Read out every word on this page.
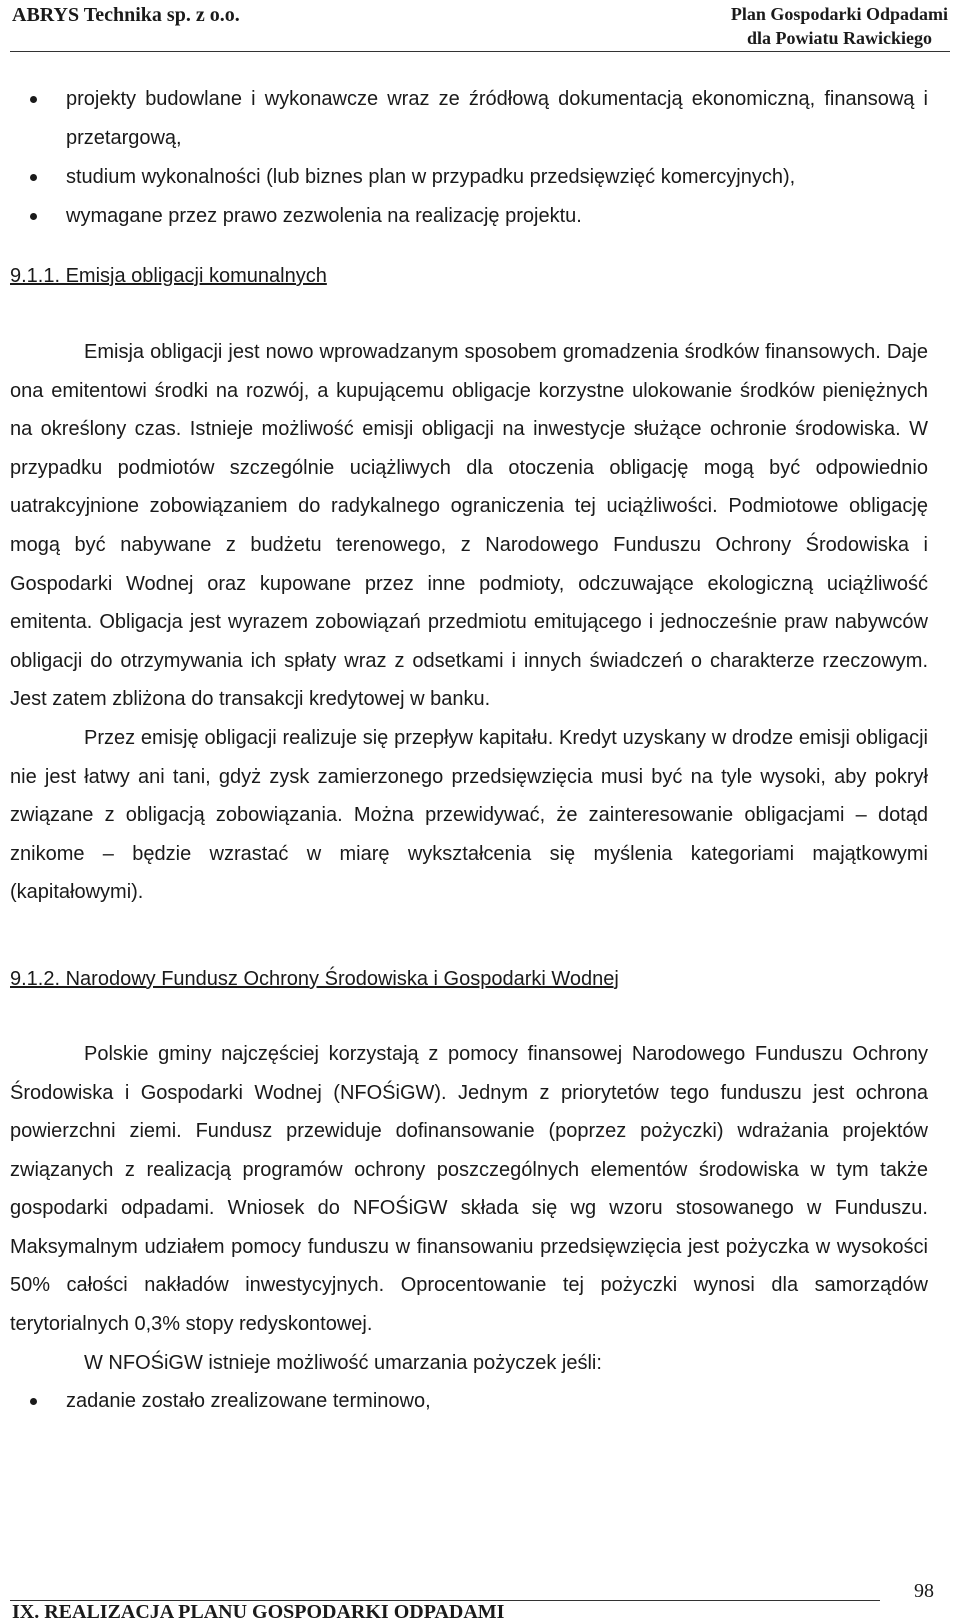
ABRYS Technika sp. z o.o.	Plan Gospodarki Odpadami
dla Powiatu Rawickiego
projekty budowlane i wykonawcze wraz ze źródłową dokumentacją ekonomiczną, finansową i przetargową,
studium wykonalności (lub biznes plan w przypadku przedsięwzięć komercyjnych),
wymagane przez prawo zezwolenia na realizację projektu.
9.1.1. Emisja obligacji komunalnych

Emisja obligacji jest nowo wprowadzanym sposobem gromadzenia środków finansowych. Daje ona emitentowi środki na rozwój, a kupującemu obligacje korzystne ulokowanie środków pieniężnych na określony czas. Istnieje możliwość emisji obligacji na inwestycje służące ochronie środowiska. W przypadku podmiotów szczególnie uciążliwych dla otoczenia obligację mogą być odpowiednio uatrakcyjnione zobowiązaniem do radykalnego ograniczenia tej uciążliwości. Podmiotowe obligację mogą być nabywane z budżetu terenowego, z Narodowego Funduszu Ochrony Środowiska i Gospodarki Wodnej oraz kupowane przez inne podmioty, odczuwające ekologiczną uciążliwość emitenta. Obligacja jest wyrazem zobowiązań przedmiotu emitującego i jednocześnie praw nabywców obligacji do otrzymywania ich spłaty wraz z odsetkami i innych świadczeń o charakterze rzeczowym. Jest zatem zbliżona do transakcji kredytowej w banku.

Przez emisję obligacji realizuje się przepływ kapitału. Kredyt uzyskany w drodze emisji obligacji nie jest łatwy ani tani, gdyż zysk zamierzonego przedsięwzięcia musi być na tyle wysoki, aby pokrył związane z obligacją zobowiązania. Można przewidywać, że zainteresowanie obligacjami – dotąd znikome – będzie wzrastać w miarę wykształcenia się myślenia kategoriami majątkowymi (kapitałowymi).

9.1.2. Narodowy Fundusz Ochrony Środowiska i Gospodarki Wodnej

Polskie gminy najczęściej korzystają z pomocy finansowej Narodowego Funduszu Ochrony Środowiska i Gospodarki Wodnej (NFOŚiGW). Jednym z priorytetów tego funduszu jest ochrona powierzchni ziemi. Fundusz przewiduje dofinansowanie (poprzez pożyczki) wdrażania projektów związanych z realizacją programów ochrony poszczególnych elementów środowiska w tym także gospodarki odpadami. Wniosek do NFOŚiGW składa się wg wzoru stosowanego w Funduszu. Maksymalnym udziałem pomocy funduszu w finansowaniu przedsięwzięcia jest pożyczka w wysokości 50% całości nakładów inwestycyjnych. Oprocentowanie tej pożyczki wynosi dla samorządów terytorialnych 0,3% stopy redyskontowej.

W NFOŚiGW istnieje możliwość umarzania pożyczek jeśli:

zadanie zostało zrealizowane terminowo,
98
IX. REALIZACJA PLANU GOSPODARKI ODPADAMI
